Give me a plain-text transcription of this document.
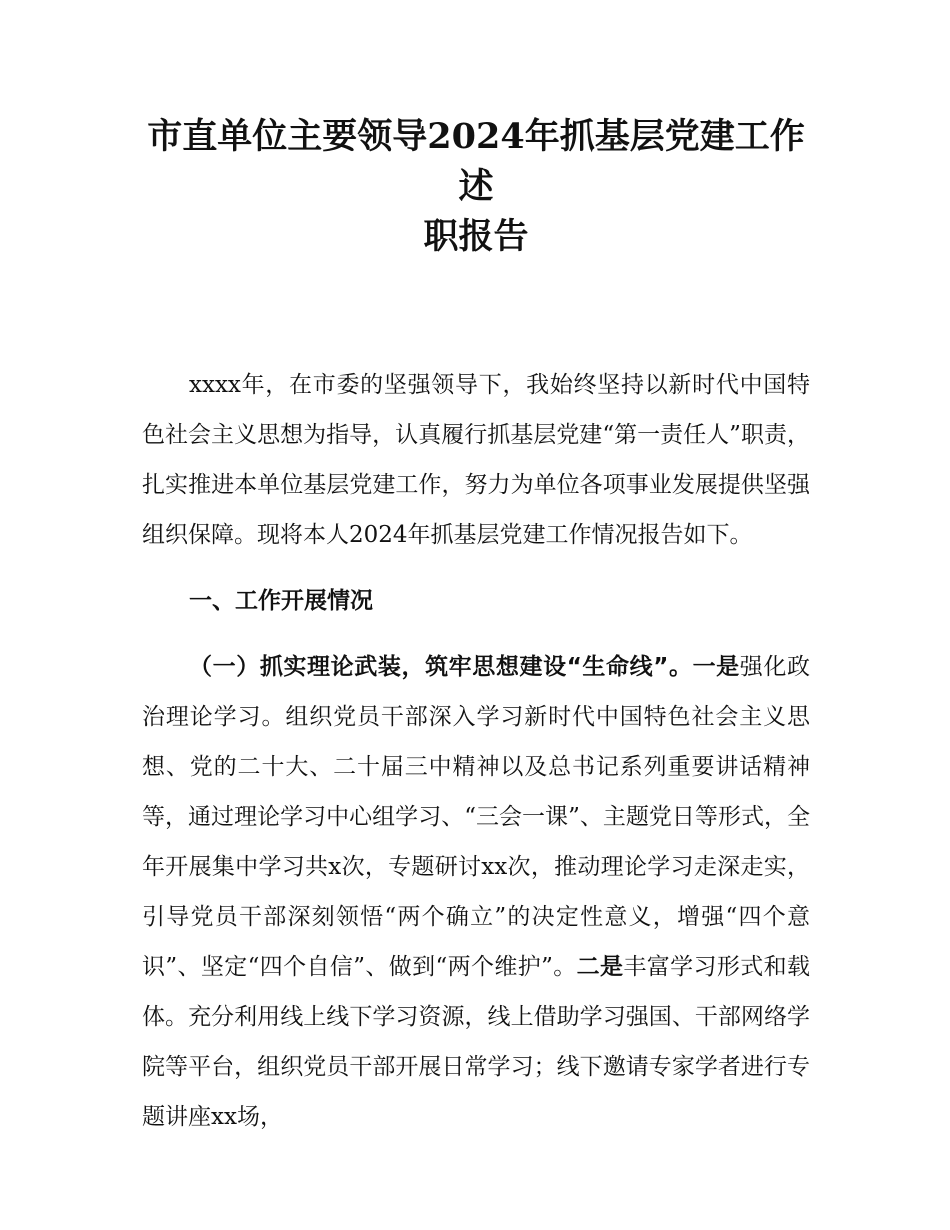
市直单位主要领导2024年抓基层党建工作述
职报告

xxxx年，在市委的坚强领导下，我始终坚持以新时代中国特色社会主义思想为指导，认真履行抓基层党建“第一责任人”职责，扎实推进本单位基层党建工作，努力为单位各项事业发展提供坚强组织保障。现将本人2024年抓基层党建工作情况报告如下。

一、工作开展情况

（一）抓实理论武装，筑牢思想建设“生命线”。一是强化政治理论学习。组织党员干部深入学习新时代中国特色社会主义思想、党的二十大、二十届三中精神以及总书记系列重要讲话精神等，通过理论学习中心组学习、“三会一课”、主题党日等形式，全年开展集中学习共x次，专题研讨xx次，推动理论学习走深走实，引导党员干部深刻领悟“两个确立”的决定性意义，增强“四个意识”、坚定“四个自信”、做到“两个维护”。二是丰富学习形式和载体。充分利用线上线下学习资源，线上借助学习强国、干部网络学院等平台，组织党员干部开展日常学习；线下邀请专家学者进行专题讲座xx场，
